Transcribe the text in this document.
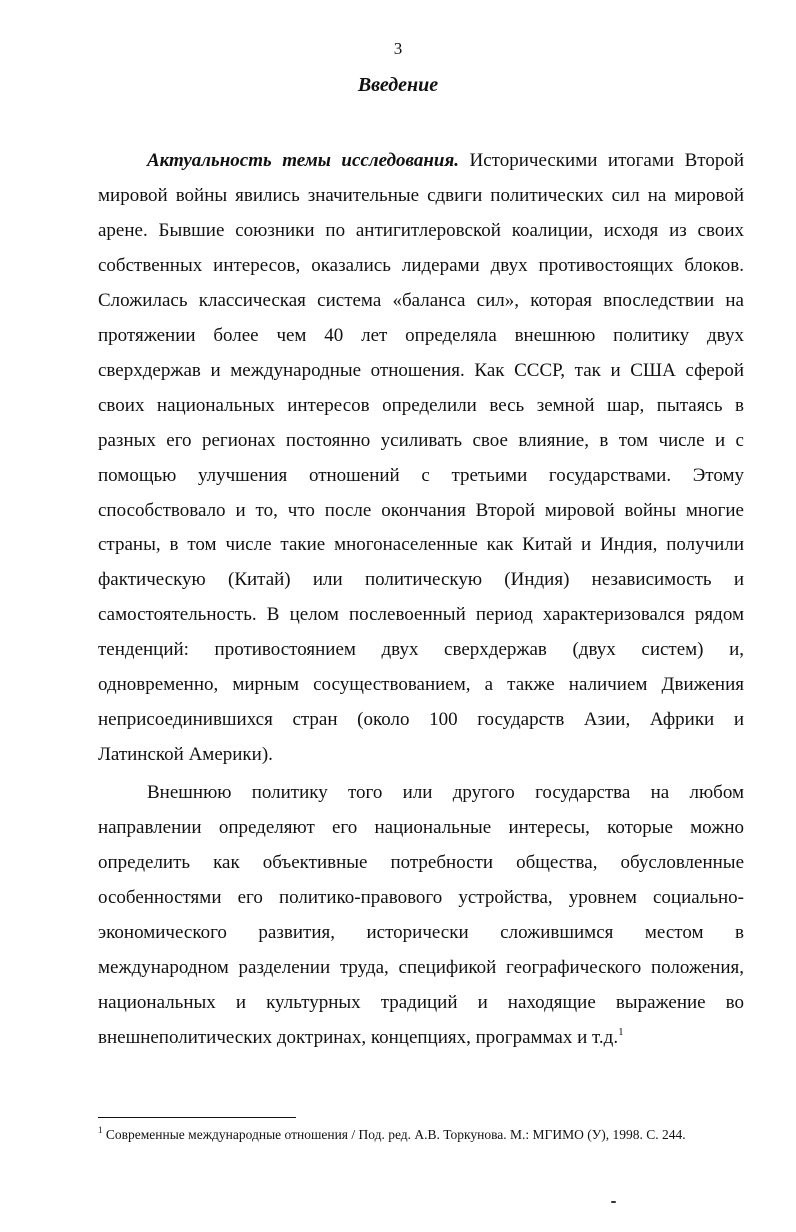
3
Введение
Актуальность темы исследования. Историческими итогами Второй
мировой войны явились значительные сдвиги политических сил на мировой
арене. Бывшие союзники по антигитлеровской коалиции, исходя из своих
собственных интересов, оказались лидерами двух противостоящих блоков.
Сложилась классическая система «баланса сил», которая впоследствии на
протяжении более чем 40 лет определяла внешнюю политику двух
сверхдержав и международные отношения. Как СССР, так и США сферой
своих национальных интересов определили весь земной шар, пытаясь в
разных его регионах постоянно усиливать свое влияние, в том числе и с
помощью улучшения отношений с третьими государствами. Этому
способствовало и то, что после окончания Второй мировой войны многие
страны, в том числе такие многонаселенные как Китай и Индия, получили
фактическую (Китай) или политическую (Индия) независимость и
самостоятельность. В целом послевоенный период характеризовался рядом
тенденций: противостоянием двух сверхдержав (двух систем) и,
одновременно, мирным сосуществованием, а также наличием Движения
неприсоединившихся стран (около 100 государств Азии, Африки и
Латинской Америки).
Внешнюю политику того или другого государства на любом
направлении определяют его национальные интересы, которые можно
определить как объективные потребности общества, обусловленные
особенностями его политико-правового устройства, уровнем социально-
экономического развития, исторически сложившимся местом в
международном разделении труда, спецификой географического положения,
национальных и культурных традиций и находящие выражение во
внешнеполитических доктринах, концепциях, программах и т.д.$^1$
$^1$ Современные международные отношения / Под. ред. А.В. Торкунова. М.: МГИМО (У), 1998. С. 244.
